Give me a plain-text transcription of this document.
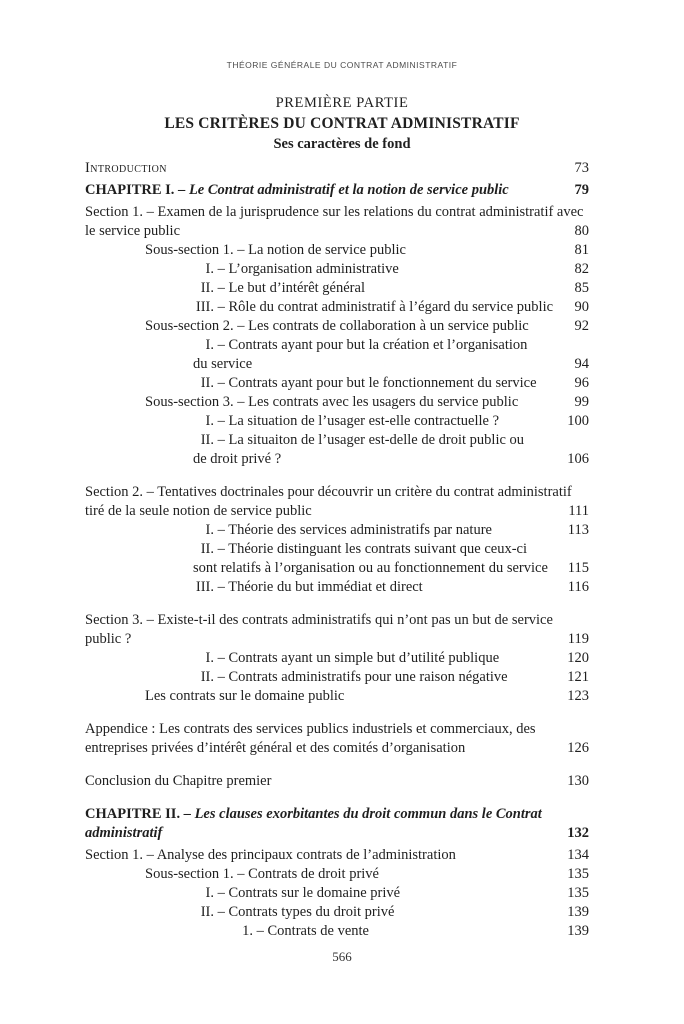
THÉORIE GÉNÉRALE DU CONTRAT ADMINISTRATIF
PREMIÈRE PARTIE
LES CRITÈRES DU CONTRAT ADMINISTRATIF
Ses caractères de fond
Introduction	73
CHAPITRE I. – Le Contrat administratif et la notion de service public	79
Section 1. – Examen de la jurisprudence sur les relations du contrat administratif avec
le service public	80
Sous-section 1. – La notion de service public	81
I. – L’organisation administrative	82
II. – Le but d’intérêt général	85
III. – Rôle du contrat administratif à l’égard du service public	90
Sous-section 2. – Les contrats de collaboration à un service public	92
I. – Contrats ayant pour but la création et l’organisation
du service	94
II. – Contrats ayant pour but le fonctionnement du service	96
Sous-section 3. – Les contrats avec les usagers du service public	99
I. – La situation de l’usager est-elle contractuelle ?	100
II. – La situaiton de l’usager est-delle de droit public ou
de droit privé ?	106
Section 2. – Tentatives doctrinales pour découvrir un critère du contrat administratif
tiré de la seule notion de service public	111
I. – Théorie des services administratifs par nature	113
II. – Théorie distinguant les contrats suivant que ceux-ci
sont relatifs à l’organisation ou au fonctionnement du service	115
III. – Théorie du but immédiat et direct	116
Section 3. – Existe-t-il des contrats administratifs qui n’ont pas un but de service
public ?	119
I. – Contrats ayant un simple but d’utilité publique	120
II. – Contrats administratifs pour une raison négative	121
Les contrats sur le domaine public	123
Appendice : Les contrats des services publics industriels et commerciaux, des
entreprises privées d’intérêt général et des comités d’organisation	126
Conclusion du Chapitre premier	130
CHAPITRE II. – Les clauses exorbitantes du droit commun dans le Contrat
administratif	132
Section 1. – Analyse des principaux contrats de l’administration	134
Sous-section 1. – Contrats de droit privé	135
I. – Contrats sur le domaine privé	135
II. – Contrats types du droit privé	139
1. – Contrats de vente	139
566
